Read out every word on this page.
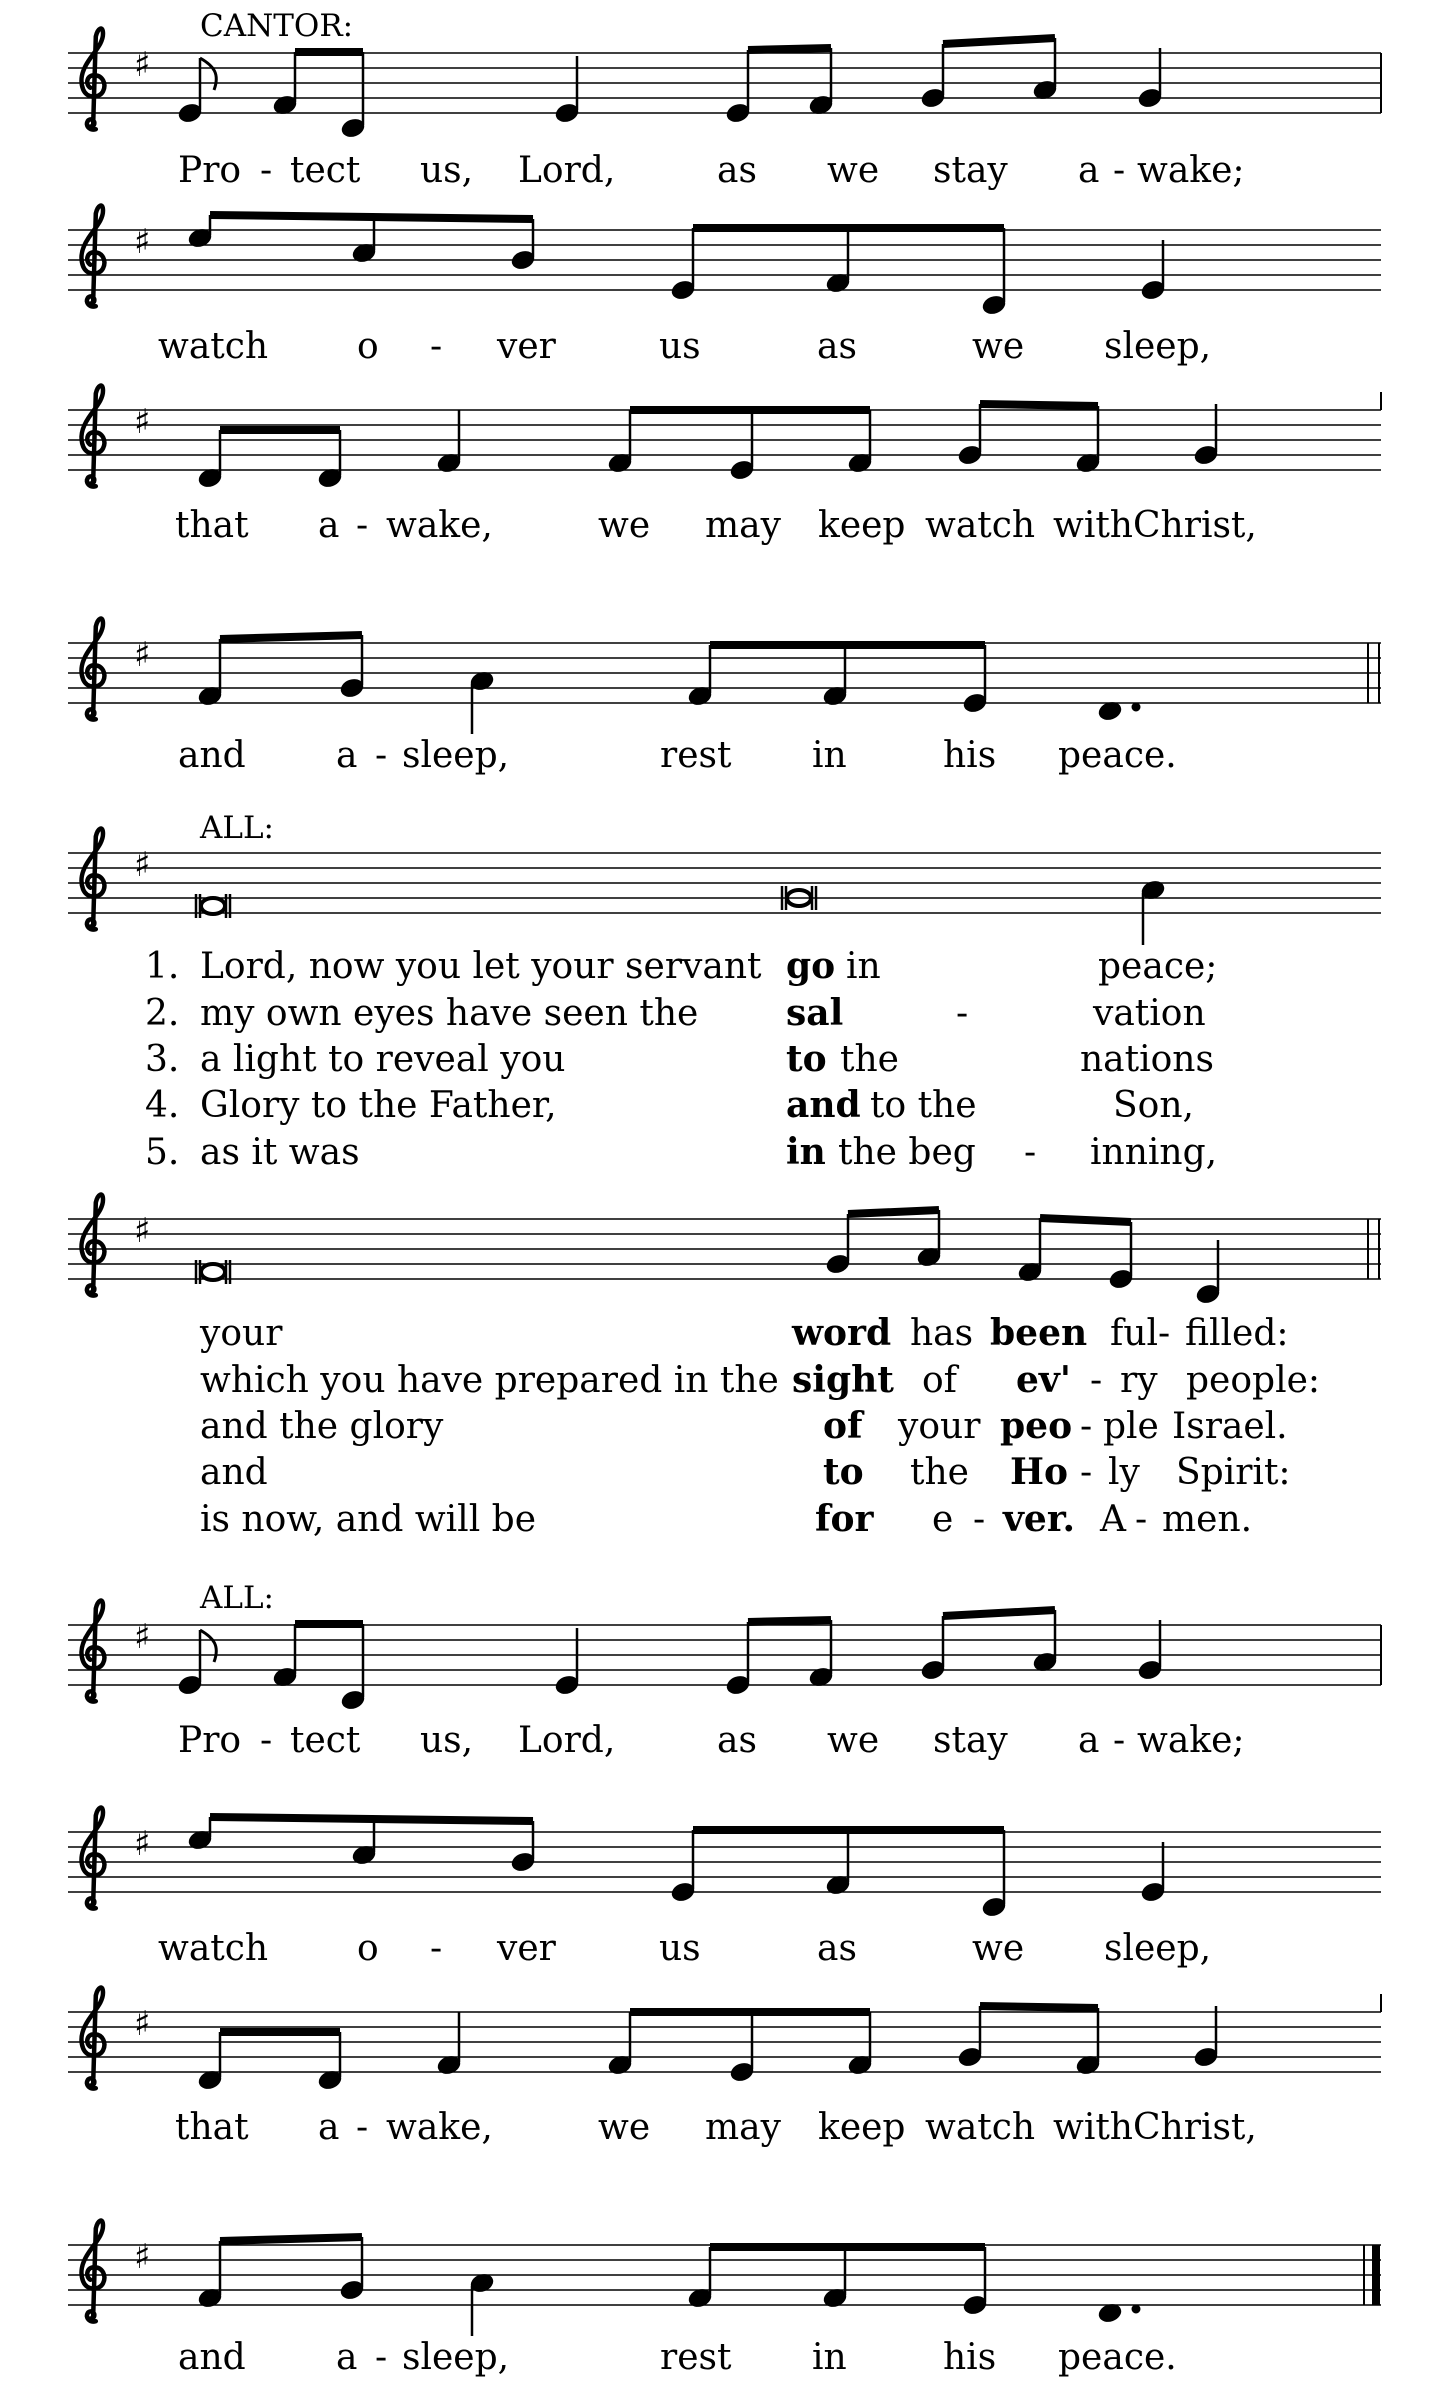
CANTOR:
♯
Pro - tect us, Lord,	as we stay a - wake;
♯
watch o - ver	us	as	we sleep,
♯
that a - wake,	we may keep watch with Christ,
♯
and	a - sleep,	rest in	his peace.
ALL:
♯
1. Lord, now you let your servant go in	peace;
2. my own eyes have seen the sal	-	vation
3. a light to reveal you	to the	nations
4. Glory to the Father,	and to the	Son,
5. as it was	in the beg - inning,
♯
your	word has been ful- filled:
which you have prepared in the sight of ev' - ry people:
and the glory	of your peo - ple Israel.
and	to the Ho - ly Spirit:
is now, and will be	for e - ver. A - men.
ALL:
♯
Pro - tect us, Lord,	as we stay a - wake;
♯
watch o - ver	us	as	we sleep,
♯
that a - wake,	we may keep watch with Christ,
♯
and	a - sleep,	rest in	his peace.
